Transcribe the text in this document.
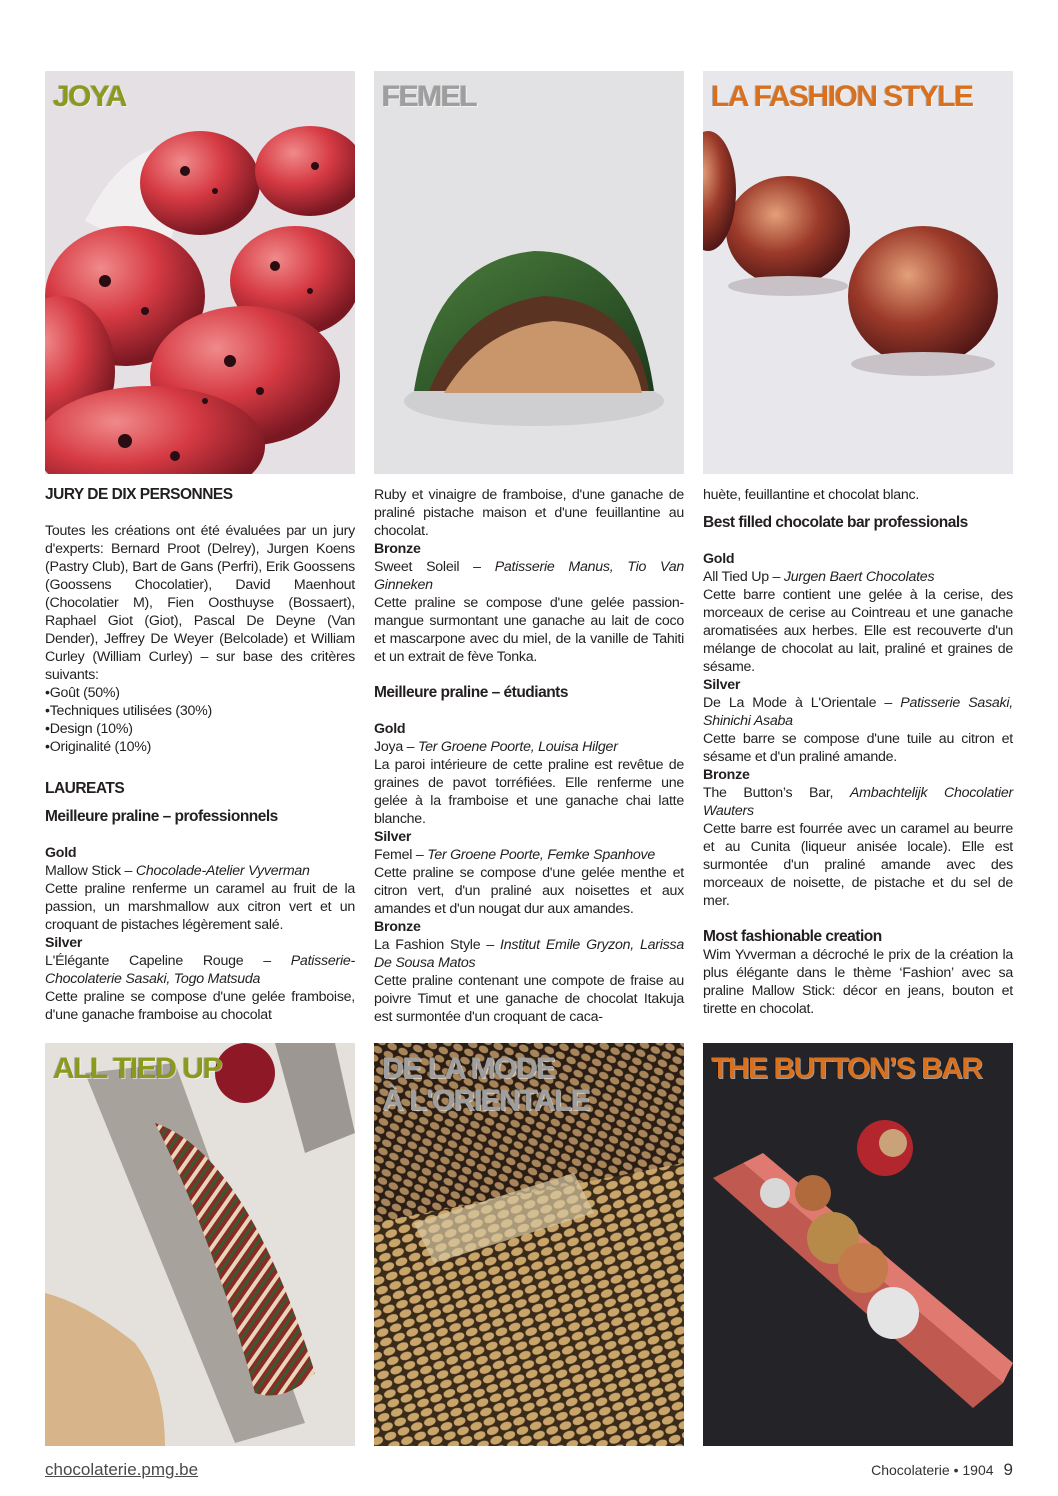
JOYA	FEMEL	LA FASHION STYLE

JURY DE DIX PERSONNES

Toutes les créations ont été évaluées par un jury d'experts: Bernard Proot (Delrey), Jurgen Koens (Pastry Club), Bart de Gans (Perfri), Erik Goossens (Goossens Chocolatier), David Maenhout (Chocolatier M), Fien Oosthuyse (Bossaert), Raphael Giot (Giot), Pascal De Deyne (Van Dender), Jeffrey De Weyer (Belcolade) et William Curley (William Curley) – sur base des critères suivants:

•Goût (50%)

•Techniques utilisées (30%)

•Design (10%)

•Originalité (10%)

LAUREATS

Meilleure praline – professionnels

Gold

Mallow Stick – Chocolade-Atelier Vyverman

Cette praline renferme un caramel au fruit de la passion, un marshmallow aux citron vert et un croquant de pistaches légèrement salé.

Silver

L'Élégante Capeline Rouge – Patisserie-Chocolaterie Sasaki, Togo Matsuda

Cette praline se compose d'une gelée framboise, d'une ganache framboise au chocolat

Ruby et vinaigre de framboise, d'une ganache de praliné pistache maison et d'une feuillantine au chocolat.

Bronze

Sweet Soleil – Patisserie Manus, Tio Van Ginneken

Cette praline se compose d'une gelée passion-mangue surmontant une ganache au lait de coco et mascarpone avec du miel, de la vanille de Tahiti et un extrait de fève Tonka.

Meilleure praline – étudiants

Gold

Joya – Ter Groene Poorte, Louisa Hilger

La paroi intérieure de cette praline est revêtue de graines de pavot torréfiées. Elle renferme une gelée à la framboise et une ganache chai latte blanche.

Silver

Femel – Ter Groene Poorte, Femke Spanhove

Cette praline se compose d'une gelée menthe et citron vert, d'un praliné aux noisettes et aux amandes et d'un nougat dur aux amandes.

Bronze

La Fashion Style – Institut Emile Gryzon, Larissa De Sousa Matos

Cette praline contenant une compote de fraise au poivre Timut et une ganache de chocolat Itakuja est surmontée d'un croquant de caca-

huète, feuillantine et chocolat blanc.

Best filled chocolate bar professionals

Gold

All Tied Up – Jurgen Baert Chocolates

Cette barre contient une gelée à la cerise, des morceaux de cerise au Cointreau et une ganache aromatisées aux herbes. Elle est recouverte d'un mélange de chocolat au lait, praliné et graines de sésame.

Silver

De La Mode à L'Orientale – Patisserie Sasaki, Shinichi Asaba

Cette barre se compose d'une tuile au citron et sésame et d'un praliné amande.

Bronze

The Button’s Bar, Ambachtelijk Chocolatier Wauters

Cette barre est fourrée avec un caramel au beurre et au Cunita (liqueur anisée locale). Elle est surmontée d'un praliné amande avec des morceaux de noisette, de pistache et du sel de mer.

Most fashionable creation

Wim Yvverman a décroché le prix de la création la plus élégante dans le thème ‘Fashion’ avec sa praline Mallow Stick: décor en jeans, bouton et tirette en chocolat.

ALL TIED UP	DE LA MODE
À L'ORIENTALE
THE BUTTON’S BAR
chocolaterie.pmg.be	Chocolaterie • 1904 9
